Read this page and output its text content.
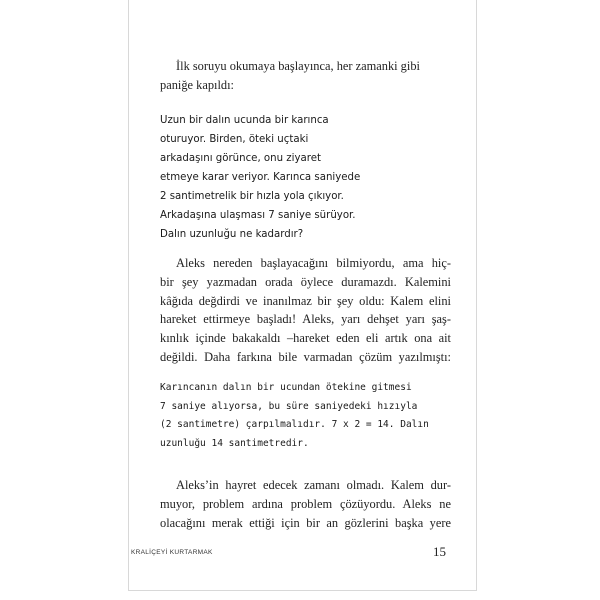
İlk soruyu okumaya başlayınca, her zamanki gibi
paniğe kapıldı:

Uzun bir dalın ucunda bir karınca
oturuyor. Birden, öteki uçtaki
arkadaşını görünce, onu ziyaret
etmeye karar veriyor. Karınca saniyede
2 santimetrelik bir hızla yola çıkıyor.
Arkadaşına ulaşması 7 saniye sürüyor.
Dalın uzunluğu ne kadardır?

Aleks nereden başlayacağını bilmiyordu, ama hiç-
bir şey yazmadan orada öylece duramazdı. Kalemini
kâğıda değdirdi ve inanılmaz bir şey oldu: Kalem elini
hareket ettirmeye başladı! Aleks, yarı dehşet yarı şaş-
kınlık içinde bakakaldı –hareket eden eli artık ona ait
değildi. Daha farkına bile varmadan çözüm yazılmıştı:

Karıncanın dalın bir ucundan ötekine gitmesi
7 saniye alıyorsa, bu süre saniyedeki hızıyla
(2 santimetre) çarpılmalıdır. 7 x 2 = 14. Dalın
uzunluğu 14 santimetredir.

Aleks’in hayret edecek zamanı olmadı. Kalem dur-
muyor, problem ardına problem çözüyordu. Aleks ne
olacağını merak ettiği için bir an gözlerini başka yere

KRALİÇEYİ KURTARMAK	15
